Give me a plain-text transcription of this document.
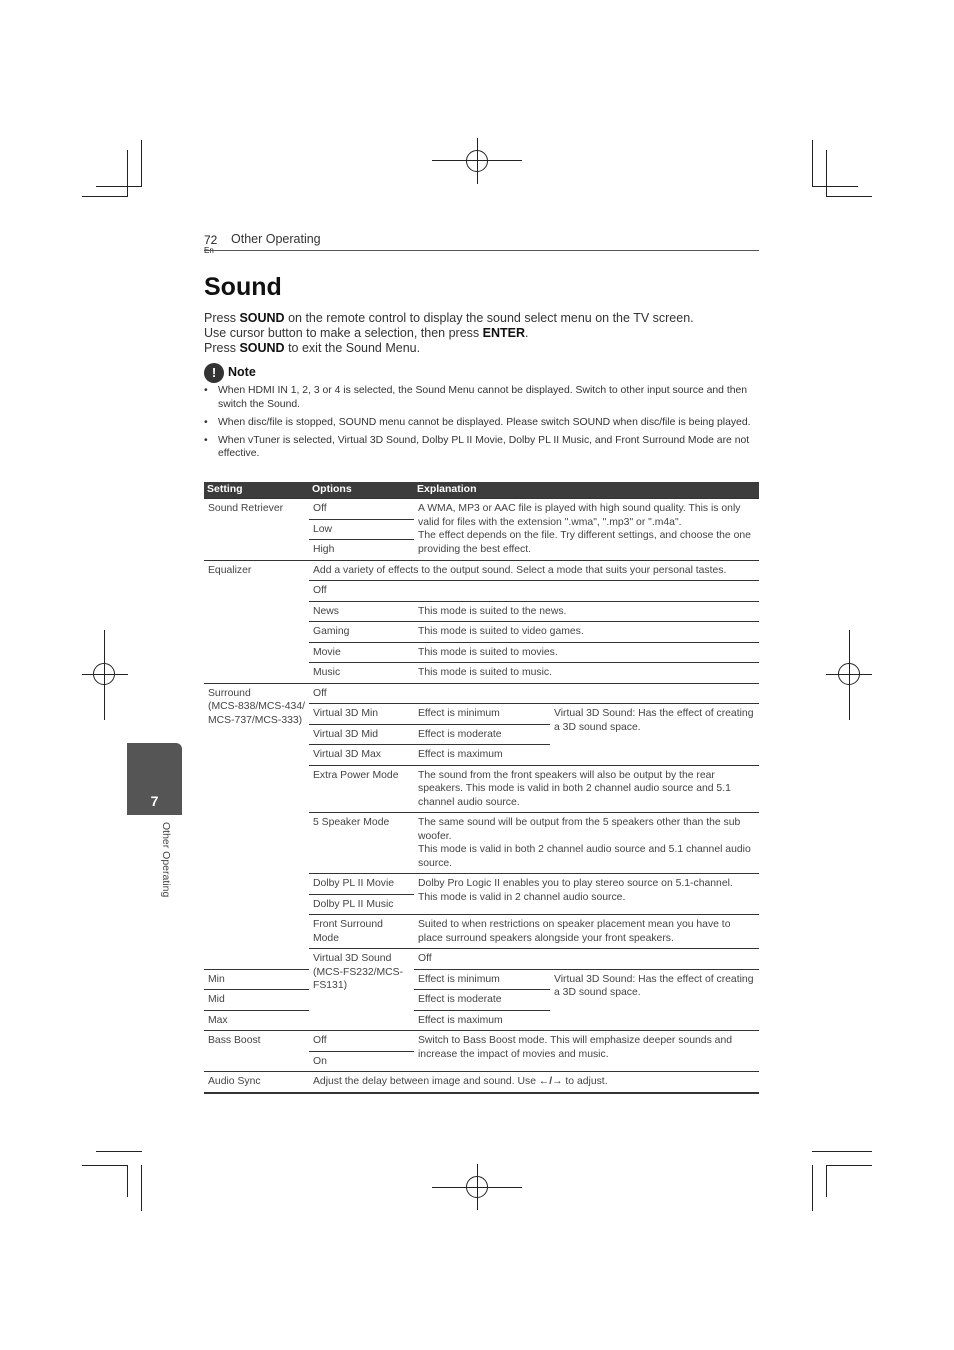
72 Other Operating
Sound
Press SOUND on the remote control to display the sound select menu on the TV screen.
Use cursor button to make a selection, then press ENTER.
Press SOUND to exit the Sound Menu.
! Note
• When HDMI IN 1, 2, 3 or 4 is selected, the Sound Menu cannot be displayed. Switch to other input source and then switch the Sound.
• When disc/file is stopped, SOUND menu cannot be displayed. Please switch SOUND when disc/file is being played.
• When vTuner is selected, Virtual 3D Sound, Dolby PL II Movie, Dolby PL II Music, and Front Surround Mode are not effective.
Setting	Options	Explanation	
Sound Retriever	Off	A WMA, MP3 or AAC file is played with high sound quality. This is only valid for files with the extension ".wma", ".mp3" or ".m4a".
The effect depends on the file. Try different settings, and choose the one providing the best effect.	
	Low		
	High		
Equalizer	Add a variety of effects to the output sound. Select a mode that suits your personal tastes.		
	Off		
	News	This mode is suited to the news.	
	Gaming	This mode is suited to video games.	
	Movie	This mode is suited to movies.	
	Music	This mode is suited to music.	
Surround
(MCS-838/MCS-434/
MCS-737/MCS-333)	Off		
	Virtual 3D Min	Effect is minimum	Virtual 3D Sound: Has the effect of creating a 3D sound space.
	Virtual 3D Mid	Effect is moderate	
	Virtual 3D Max	Effect is maximum	
	Extra Power Mode	The sound from the front speakers will also be output by the rear speakers. This mode is valid in both 2 channel audio source and 5.1 channel audio source.	
	5 Speaker Mode	The same sound will be output from the 5 speakers other than the sub woofer.
This mode is valid in both 2 channel audio source and 5.1 channel audio source.	
	Dolby PL II Movie	Dolby Pro Logic II enables you to play stereo source on 5.1-channel. This mode is valid in 2 channel audio source.	
	Dolby PL II Music		
	Front Surround
Mode	Suited to when restrictions on speaker placement mean you have to place surround speakers alongside your front speakers.	
	Virtual 3D Sound
(MCS-FS232/MCS-
FS131)	Off	
Min		Effect is minimum	Virtual 3D Sound: Has the effect of creating a 3D sound space.
Mid		Effect is moderate	
Max		Effect is maximum	
Bass Boost	Off	Switch to Bass Boost mode. This will emphasize deeper sounds and increase the impact of movies and music.	
	On		
Audio Sync	Adjust the delay between image and sound. Use ←/→ to adjust.		
7
Other Operating
